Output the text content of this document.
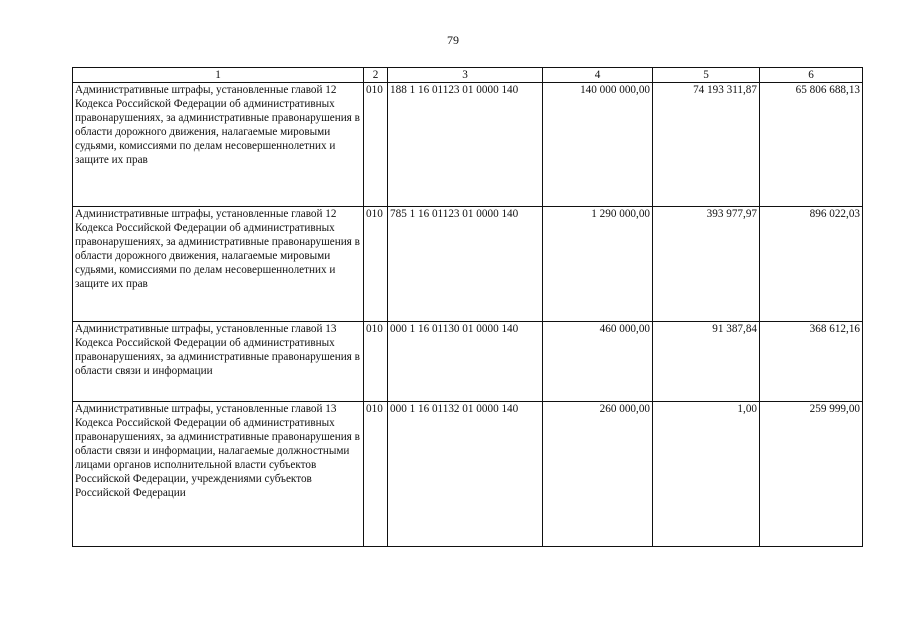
79
1	2	3	4	5	6
Административные штрафы, установленные главой 12 Кодекса Российской Федерации об административных правонарушениях, за административные правонарушения в области дорожного движения, налагаемые мировыми судьями, комиссиями по делам несовершеннолетних и защите их прав	010	188 1 16 01123 01 0000 140	140 000 000,00	74 193 311,87	65 806 688,13
Административные штрафы, установленные главой 12 Кодекса Российской Федерации об административных правонарушениях, за административные правонарушения в области дорожного движения, налагаемые мировыми судьями, комиссиями по делам несовершеннолетних и защите их прав	010	785 1 16 01123 01 0000 140	1 290 000,00	393 977,97	896 022,03
Административные штрафы, установленные главой 13 Кодекса Российской Федерации об административных правонарушениях, за административные правонарушения в области связи и информации	010	000 1 16 01130 01 0000 140	460 000,00	91 387,84	368 612,16
Административные штрафы, установленные главой 13 Кодекса Российской Федерации об административных правонарушениях, за административные правонарушения в области связи и информации, налагаемые должностными лицами органов исполнительной власти субъектов Российской Федерации, учреждениями субъектов Российской Федерации	010	000 1 16 01132 01 0000 140	260 000,00	1,00	259 999,00
